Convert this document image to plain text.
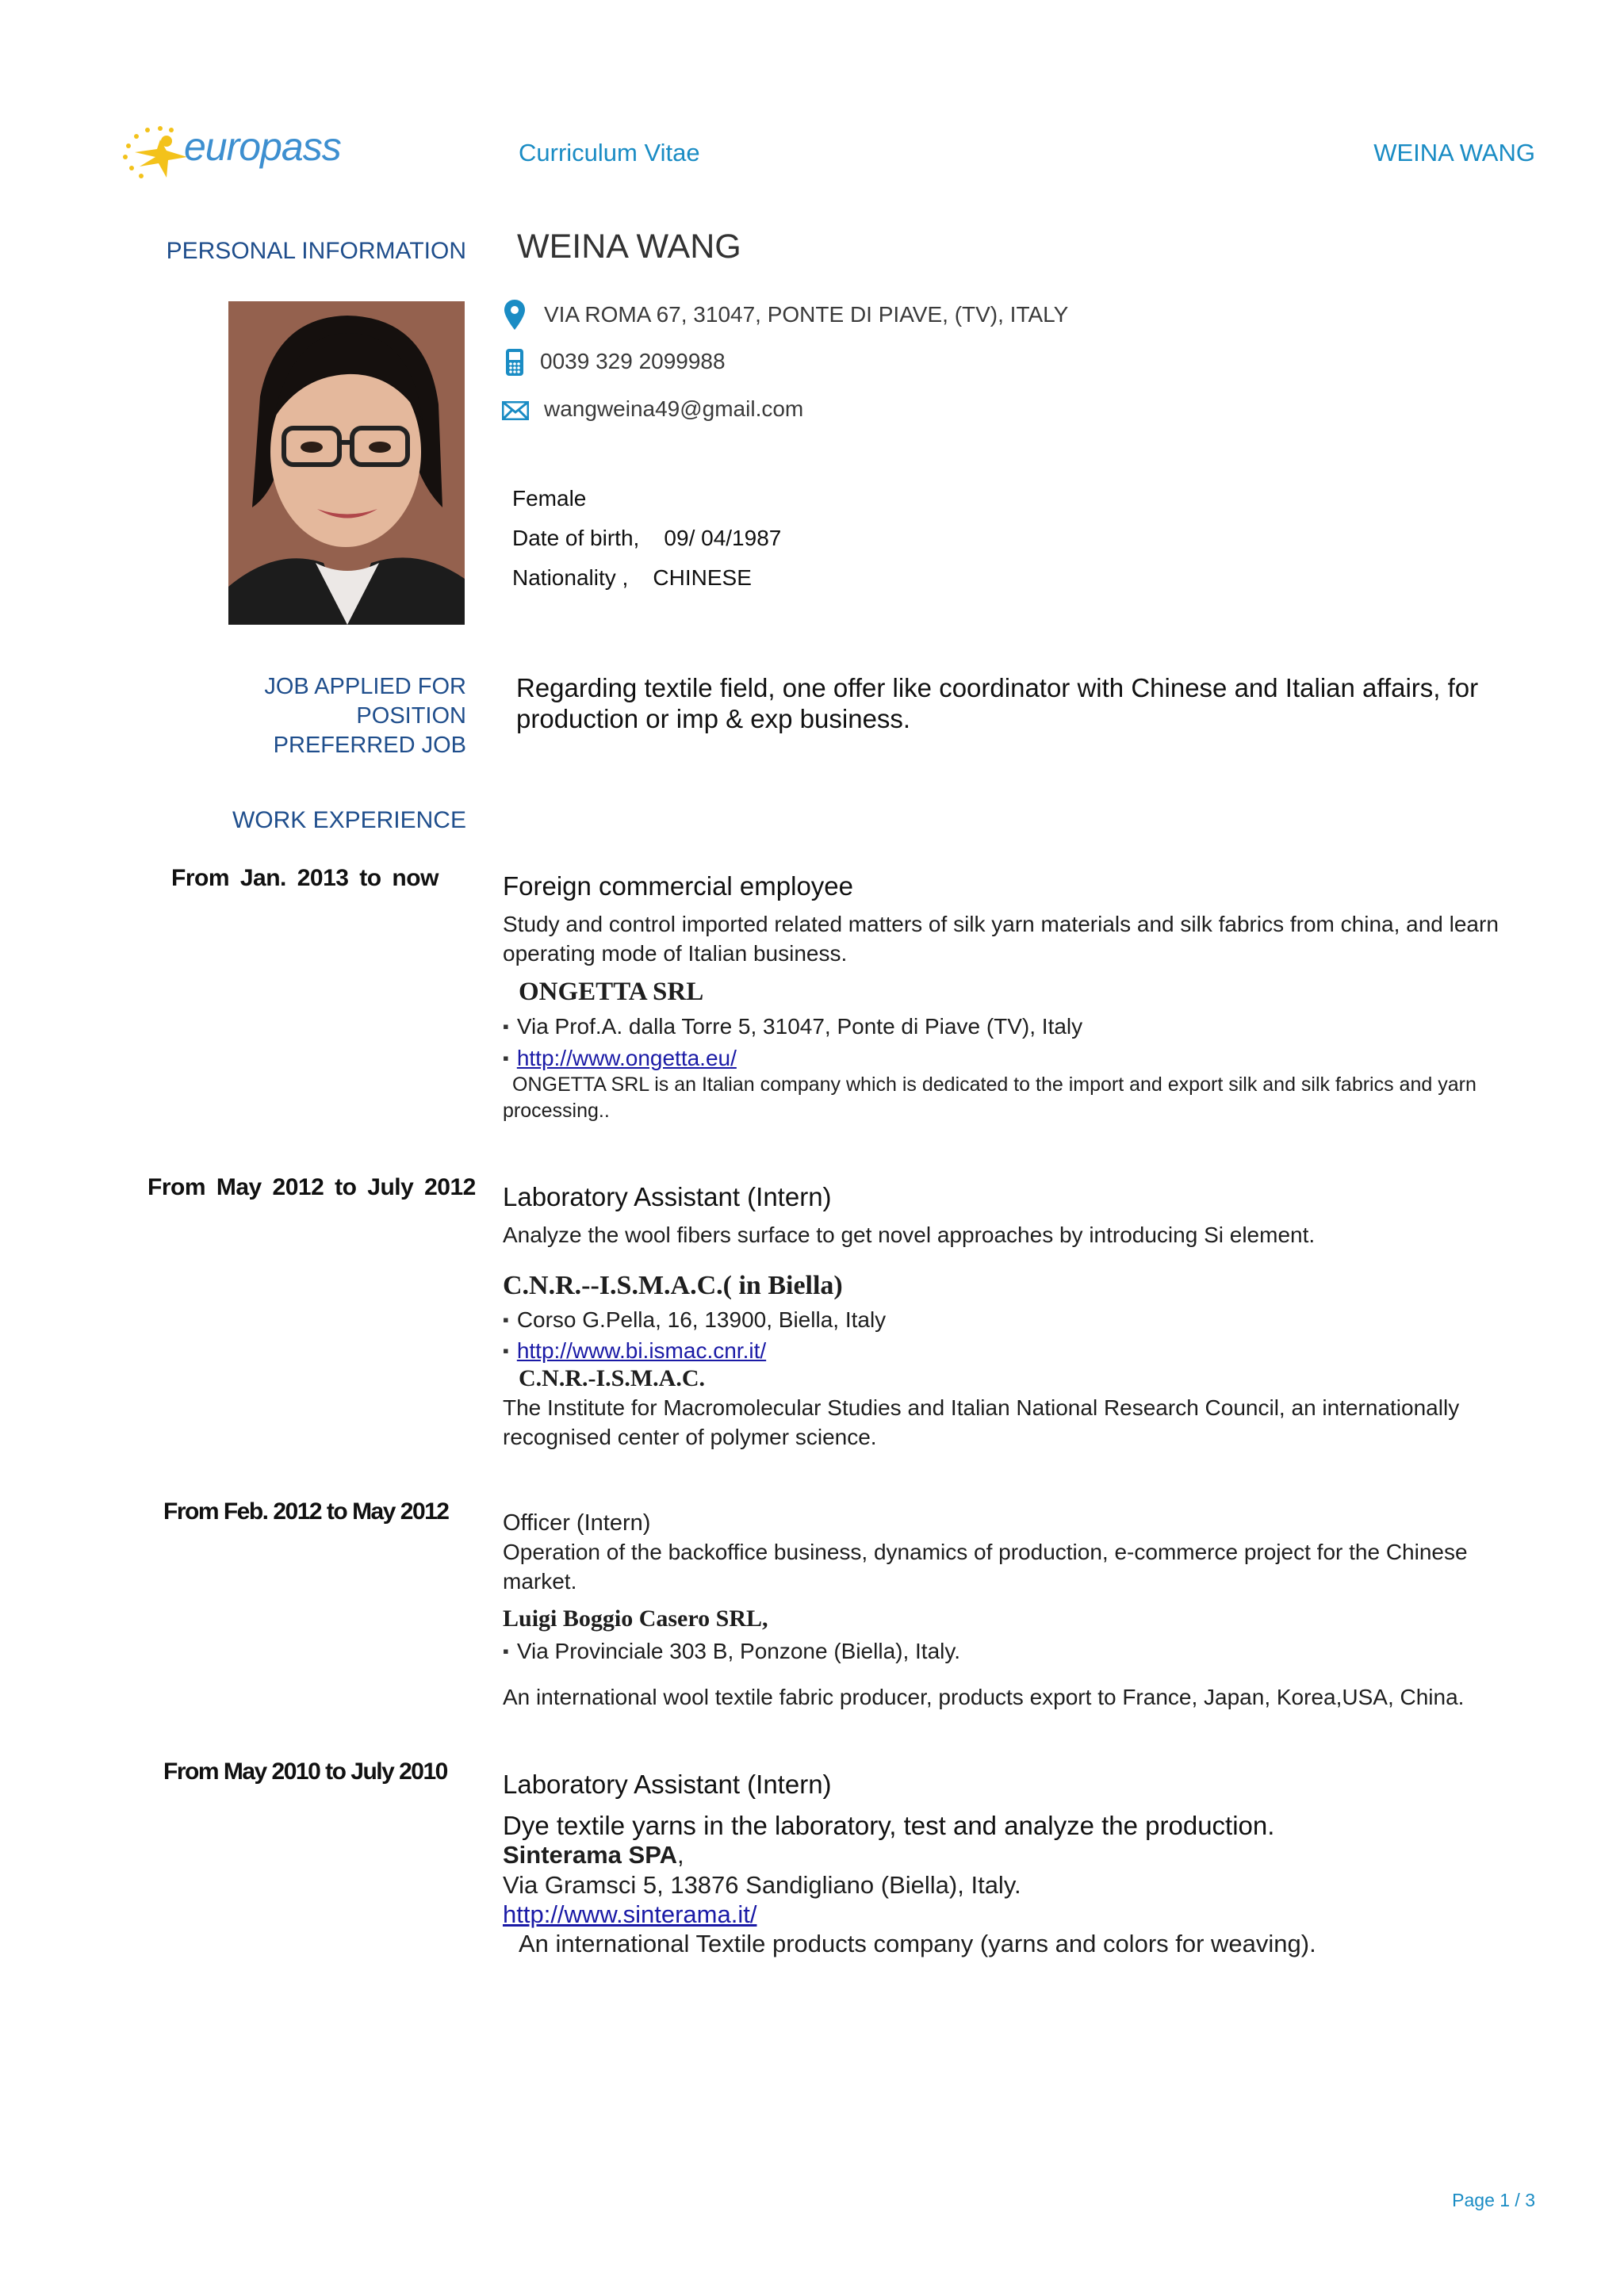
europass	Curriculum Vitae	WEINA WANG
PERSONAL INFORMATION WEINA WANG
VIA ROMA 67, 31047, PONTE DI PIAVE, (TV), ITALY
0039 329 2099988
wangweina49@gmail.com
Female
Date of birth,    09/ 04/1987
Nationality ,    CHINESE
JOB APPLIED FOR
POSITION
PREFERRED JOB
Regarding textile field, one offer like coordinator with Chinese and Italian affairs, for production or imp & exp business.
WORK EXPERIENCE
From Jan. 2013 to now Foreign commercial employee
Study and control imported related matters of silk yarn materials and silk fabrics from china, and learn operating mode of Italian business.
ONGETTA SRL
▪ Via Prof.A. dalla Torre 5, 31047, Ponte di Piave (TV), Italy
▪ http://www.ongetta.eu/
ONGETTA SRL is an Italian company which is dedicated to the import and export silk and silk fabrics and yarn processing..
From May 2012 to July 2012 Laboratory Assistant (Intern)
Analyze the wool fibers surface to get novel approaches by introducing Si element.
C.N.R.--I.S.M.A.C.( in Biella)
▪ Corso G.Pella, 16, 13900, Biella, Italy
▪ http://www.bi.ismac.cnr.it/
C.N.R.-I.S.M.A.C.
The Institute for Macromolecular Studies and Italian National Research Council, an internationally recognised center of polymer science.
From Feb. 2012 to May 2012 Officer (Intern)
Operation of the backoffice business, dynamics of production, e-commerce project for the Chinese market.
Luigi Boggio Casero SRL,
▪ Via Provinciale 303 B, Ponzone (Biella), Italy.
An international wool textile fabric producer, products export to France, Japan, Korea,USA, China.
From May 2010 to July 2010 Laboratory Assistant (Intern)
Dye textile yarns in the laboratory, test and analyze the production.
Sinterama SPA,
Via Gramsci 5, 13876 Sandigliano (Biella), Italy.
http://www.sinterama.it/
An international Textile products company (yarns and colors for weaving).
Page 1 / 3
